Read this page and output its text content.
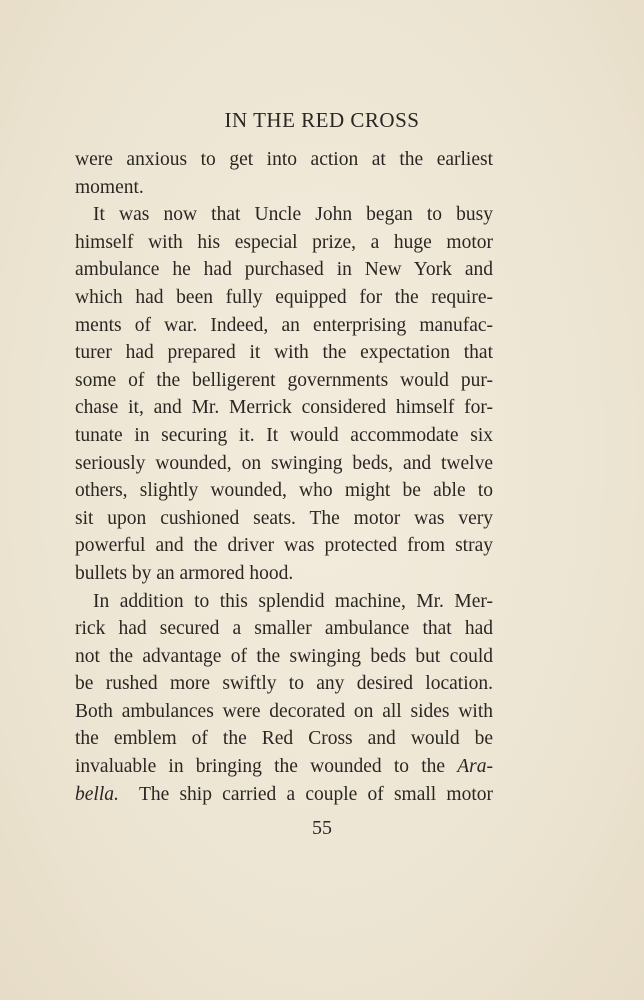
IN THE RED CROSS
were anxious to get into action at the earliest
moment.
It was now that Uncle John began to busy
himself with his especial prize, a huge motor
ambulance he had purchased in New York and
which had been fully equipped for the require-
ments of war. Indeed, an enterprising manufac-
turer had prepared it with the expectation that
some of the belligerent governments would pur-
chase it, and Mr. Merrick considered himself for-
tunate in securing it. It would accommodate six
seriously wounded, on swinging beds, and twelve
others, slightly wounded, who might be able to
sit upon cushioned seats. The motor was very
powerful and the driver was protected from stray
bullets by an armored hood.
In addition to this splendid machine, Mr. Mer-
rick had secured a smaller ambulance that had
not the advantage of the swinging beds but could
be rushed more swiftly to any desired location.
Both ambulances were decorated on all sides with
the emblem of the Red Cross and would be
invaluable in bringing the wounded to the Ara-
bella. The ship carried a couple of small motor
55
